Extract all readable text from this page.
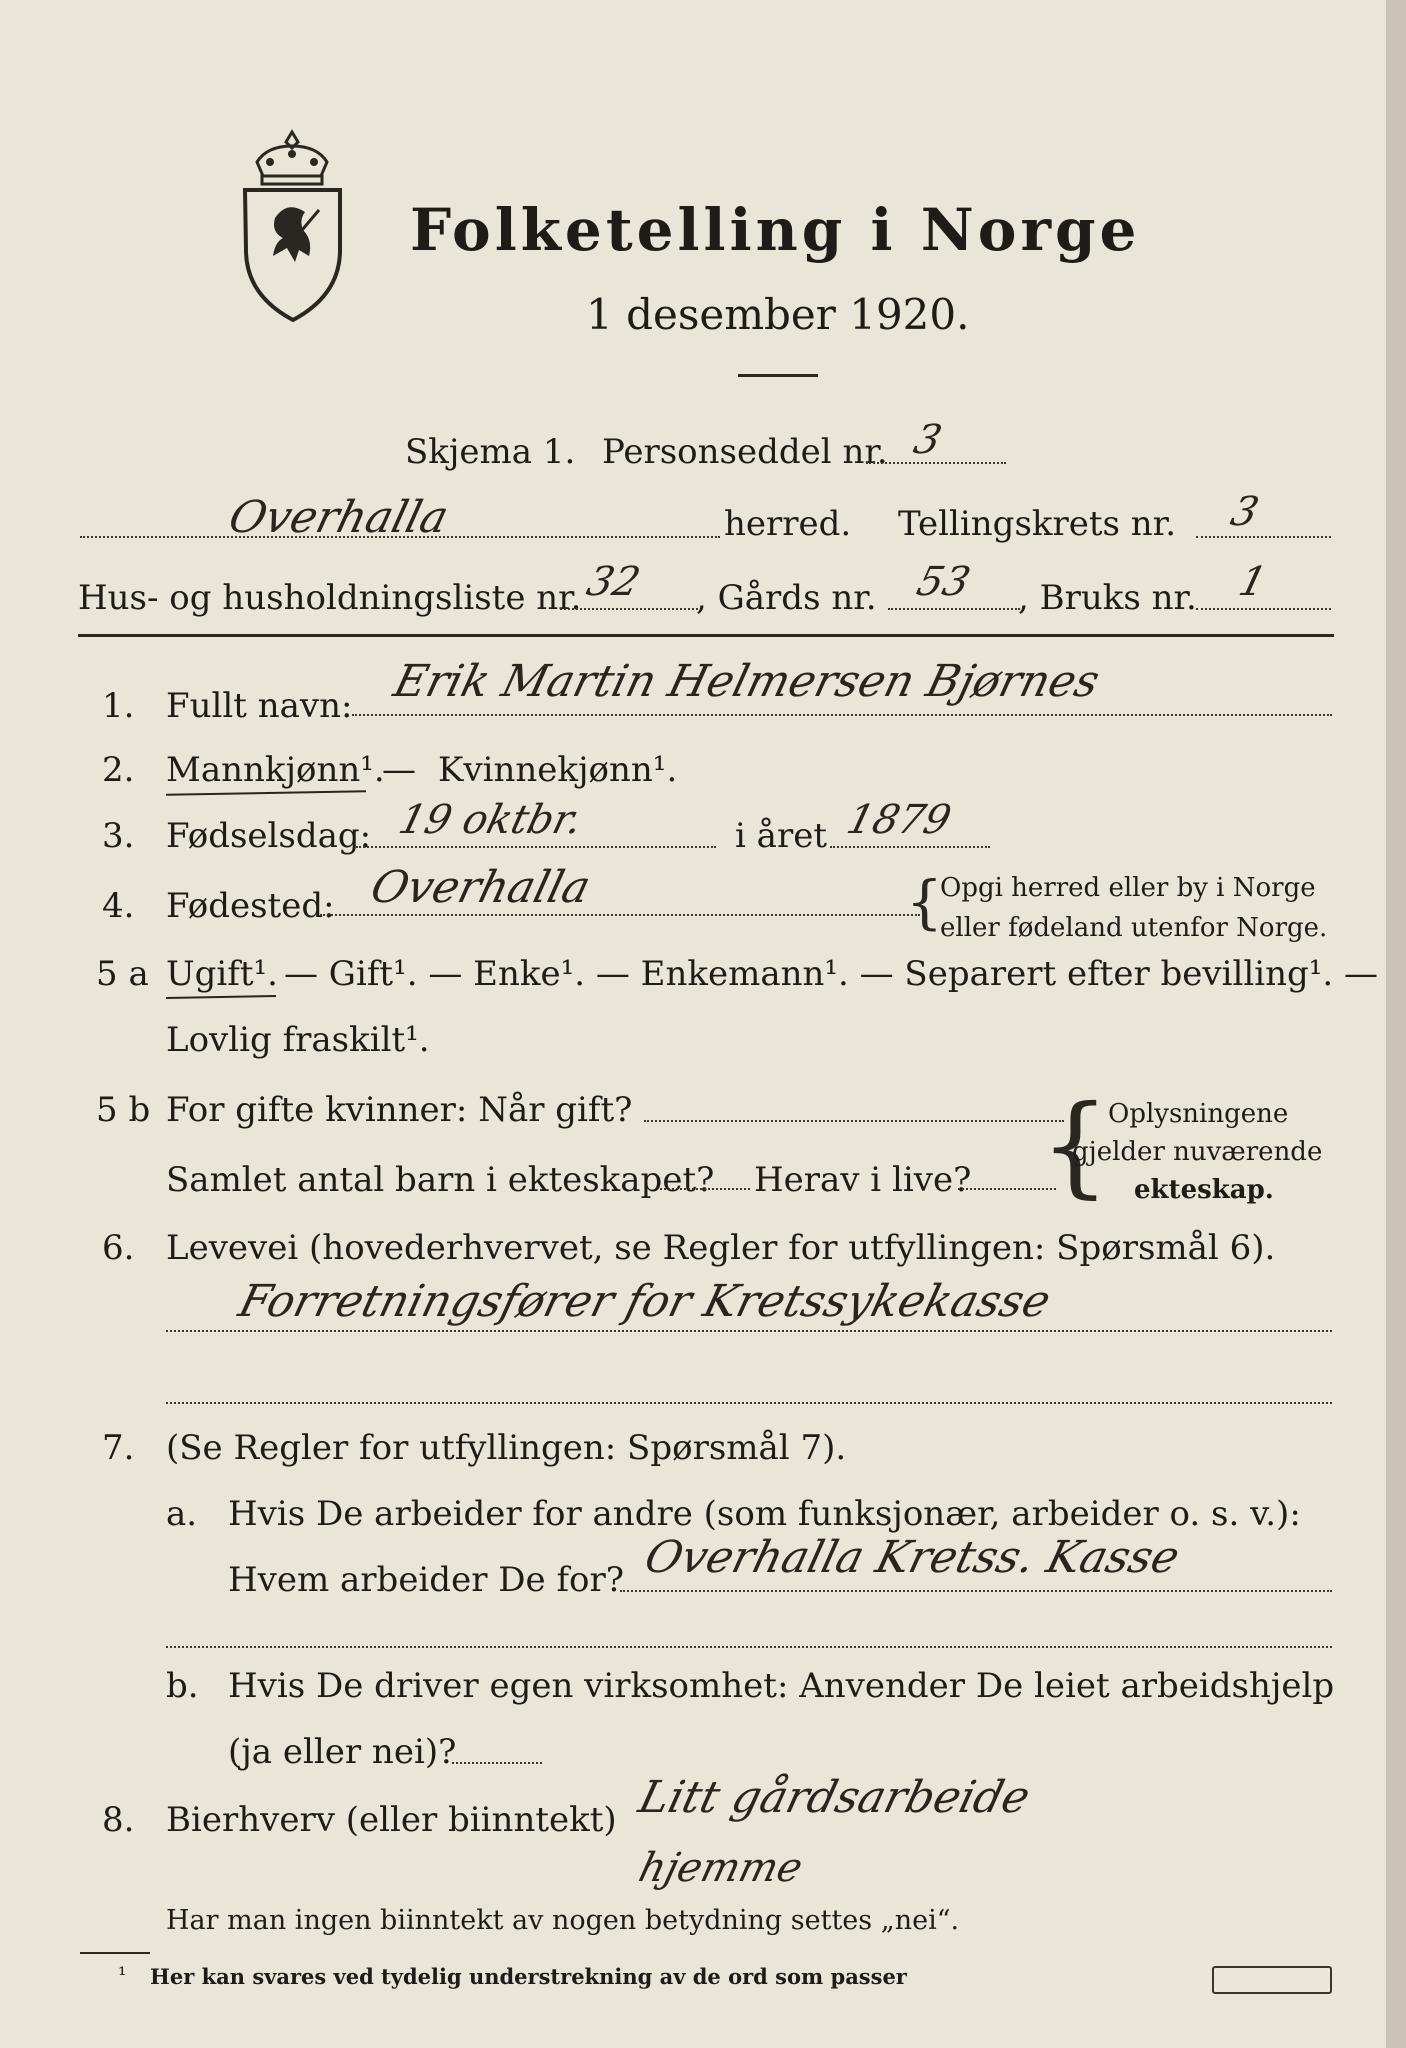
Folketelling i Norge
1 desember 1920.
Skjema 1. Personseddel nr. 3
Overhalla	herred. Tellingskrets nr. 3
Hus- og husholdningsliste nr. 32 , Gårds nr. 53 , Bruks nr. 1
1. Fullt navn: Erik Martin Helmersen Bjørnes
2. Mannkjønn¹.
— Kvinnekjønn¹.
3. Fødselsdag: 19 oktbr.	i året 1879
4. Fødested: Overhalla	{
Opgi herred eller by i Norge
eller fødeland utenfor Norge.
5 a Ugift¹. — Gift¹. — Enke¹. — Enkemann¹. — Separert efter bevilling¹. —
Lovlig fraskilt¹.
5 b For gifte kvinner: Når gift?
Samlet antal barn i ekteskapet? Herav i live? {
Oplysningene
gjelder nuværende
ekteskap.
6. Levevei (hovederhvervet, se Regler for utfyllingen: Spørsmål 6).
Forretningsfører for Kretssykekasse
7. (Se Regler for utfyllingen: Spørsmål 7).
a. Hvis De arbeider for andre (som funksjonær, arbeider o. s. v.):
Hvem arbeider De for? Overhalla Kretss. Kasse
b. Hvis De driver egen virksomhet: Anvender De leiet arbeidshjelp
(ja eller nei)?
8. Bierhverv (eller biinntekt) Litt gårdsarbeide
hjemme
Har man ingen biinntekt av nogen betydning settes „nei“.
¹ Her kan svares ved tydelig understrekning av de ord som passer
